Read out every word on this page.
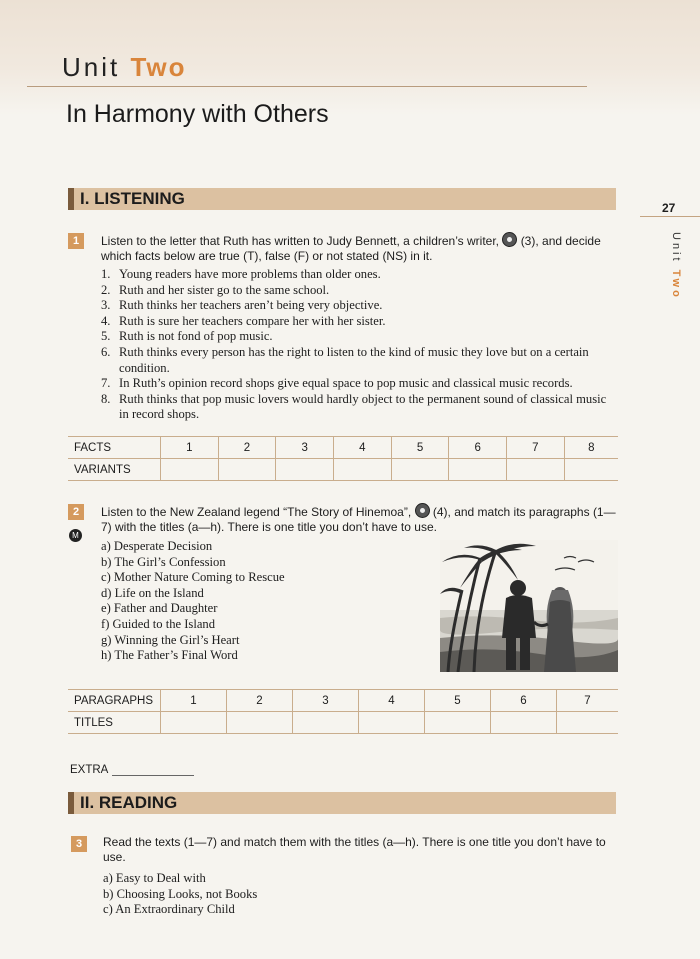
Unit Two
In Harmony with Others
27
Unit Two
I. LISTENING
1	Listen to the letter that Ruth has written to Judy Bennett, a children’s writer, (3), and decide which facts below are true (T), false (F) or not stated (NS) in it.
1. Young readers have more problems than older ones.
2. Ruth and her sister go to the same school.
3. Ruth thinks her teachers aren’t being very objective.
4. Ruth is sure her teachers compare her with her sister.
5. Ruth is not fond of pop music.
6. Ruth thinks every person has the right to listen to the kind of music they love but on a certain condition.
7. In Ruth’s opinion record shops give equal space to pop music and classical music records.
8. Ruth thinks that pop music lovers would hardly object to the permanent sound of classical music in record shops.
FACTS	1	2	3	4	5	6	7	8
VARIANTS								
2
M
Listen to the New Zealand legend “The Story of Hinemoa”, (4), and match its paragraphs (1—7) with the titles (a—h). There is one title you don’t have to use.
a) Desperate Decision
b) The Girl’s Confession
c) Mother Nature Coming to Rescue
d) Life on the Island
e) Father and Daughter
f) Guided to the Island
g) Winning the Girl’s Heart
h) The Father’s Final Word
PARAGRAPHS	1	2	3	4	5	6	7
TITLES							
EXTRA
II. READING
3	Read the texts (1—7) and match them with the titles (a—h). There is one title you don’t have to use.
a) Easy to Deal with
b) Choosing Looks, not Books
c) An Extraordinary Child
